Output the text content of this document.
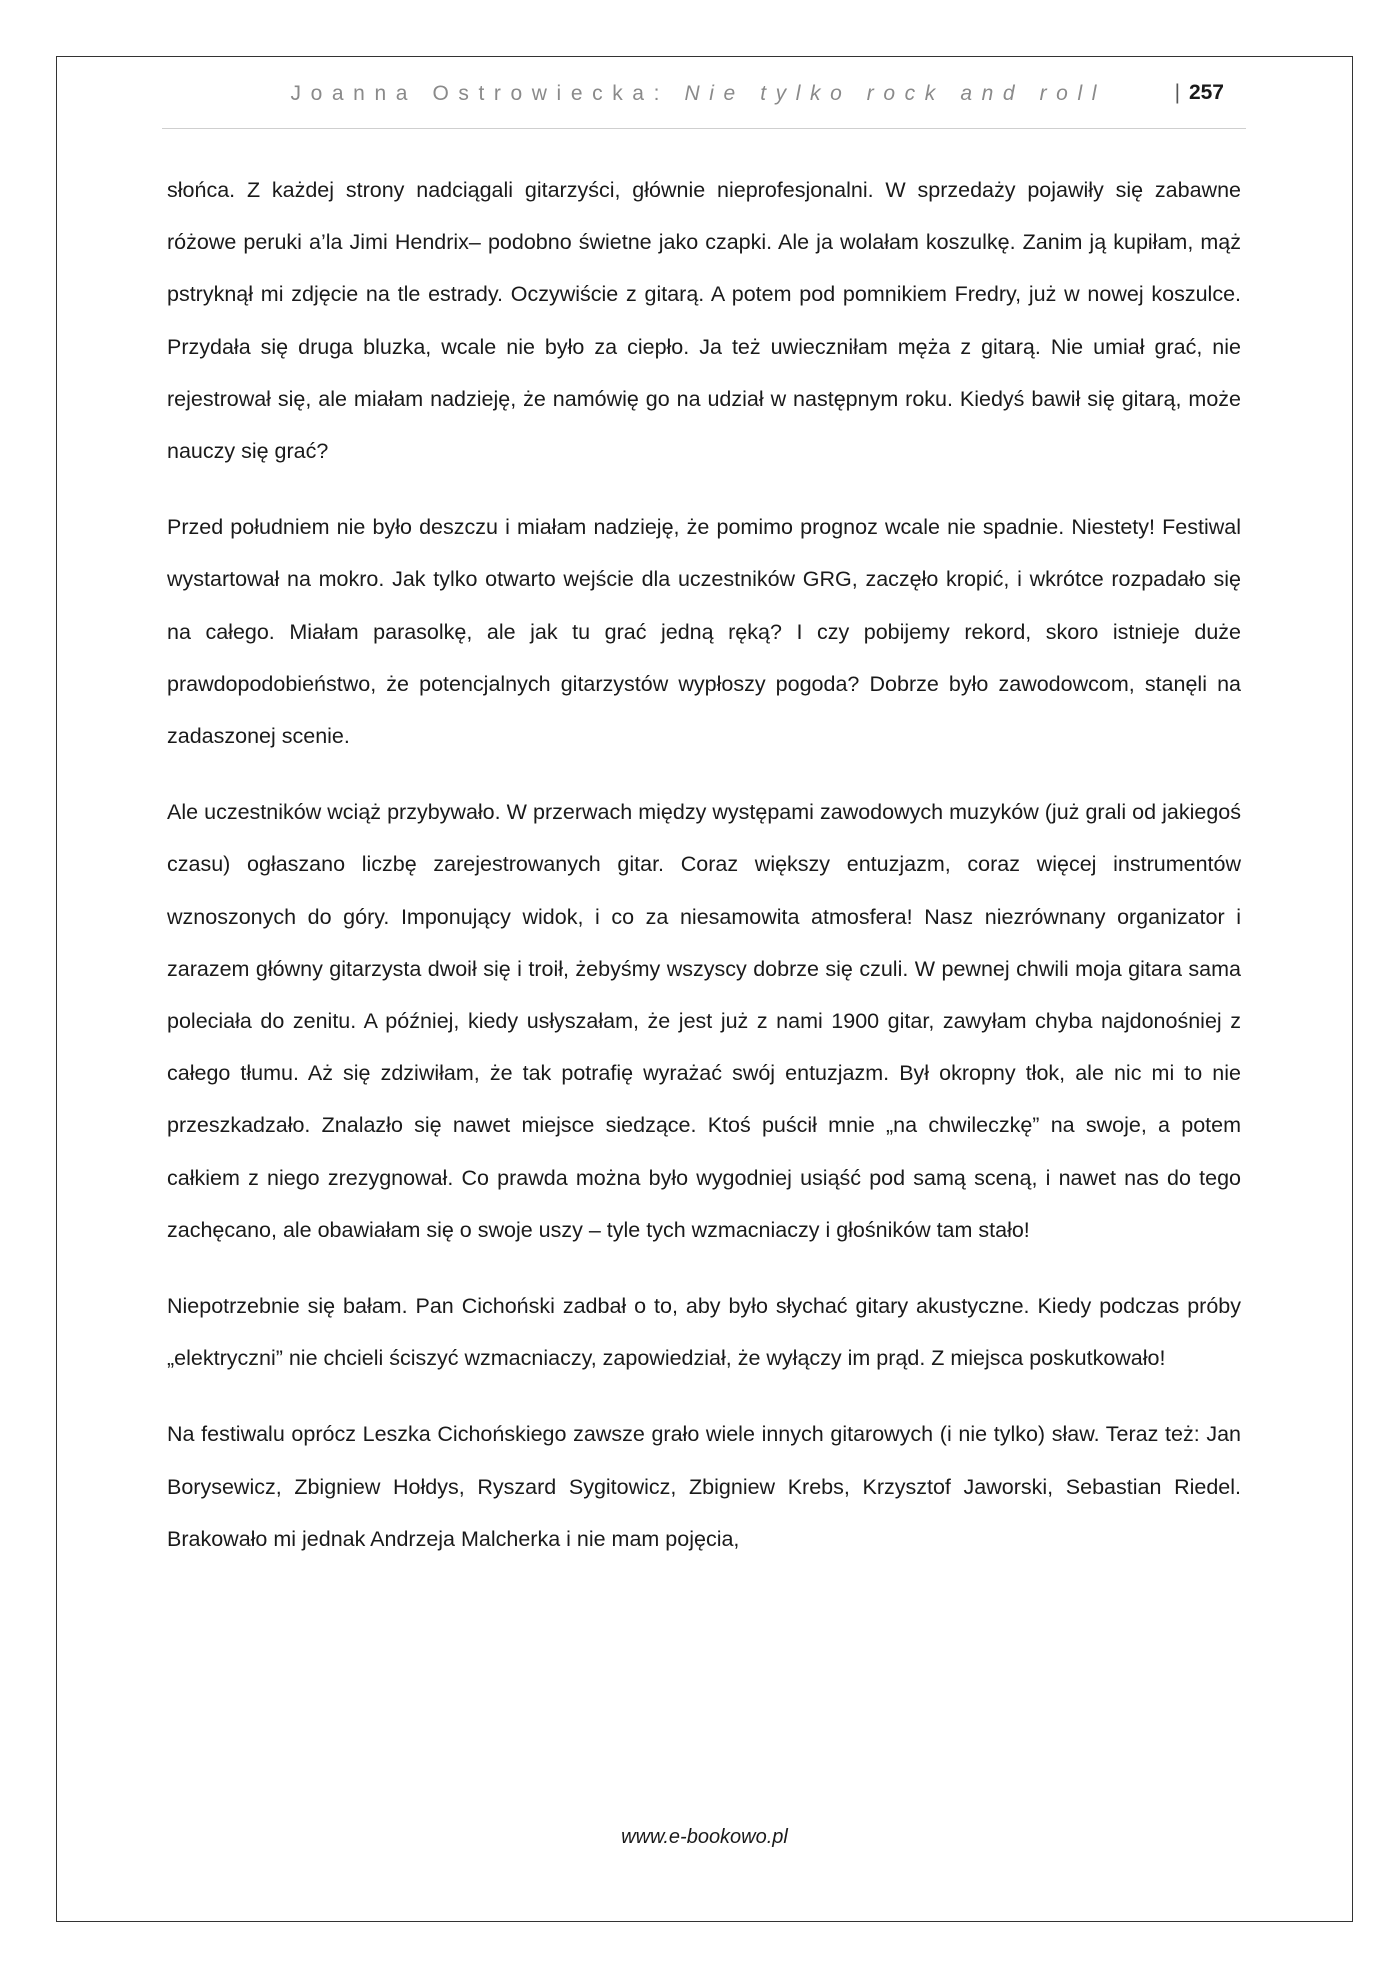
Joanna Ostrowiecka: Nie tylko rock and roll	| 257

słońca. Z każdej strony nadciągali gitarzyści, głównie nieprofesjonalni. W sprzedaży pojawiły się zabawne różowe peruki a’la Jimi Hendrix– podobno świetne jako czapki. Ale ja wolałam koszulkę. Zanim ją kupiłam, mąż pstryknął mi zdjęcie na tle estrady. Oczywiście z gitarą. A potem pod pomnikiem Fredry, już w nowej koszulce. Przydała się druga bluzka, wcale nie było za ciepło. Ja też uwieczniłam męża z gitarą. Nie umiał grać, nie rejestrował się, ale miałam nadzieję, że namówię go na udział w następnym roku. Kiedyś bawił się gitarą, może nauczy się grać?

Przed południem nie było deszczu i miałam nadzieję, że pomimo prognoz wcale nie spadnie. Niestety! Festiwal wystartował na mokro. Jak tylko otwarto wejście dla uczestników GRG, zaczęło kropić, i wkrótce rozpadało się na całego. Miałam parasolkę, ale jak tu grać jedną ręką? I czy pobijemy rekord, skoro istnieje duże prawdopodobieństwo, że potencjalnych gitarzystów wypłoszy pogoda? Dobrze było zawodowcom, stanęli na zadaszonej scenie.

Ale uczestników wciąż przybywało. W przerwach między występami zawodowych muzyków (już grali od jakiegoś czasu) ogłaszano liczbę zarejestrowanych gitar. Coraz większy entuzjazm, coraz więcej instrumentów wznoszonych do góry. Imponujący widok, i co za niesamowita atmosfera! Nasz niezrównany organizator i zarazem główny gitarzysta dwoił się i troił, żebyśmy wszyscy dobrze się czuli. W pewnej chwili moja gitara sama poleciała do zenitu. A później, kiedy usłyszałam, że jest już z nami 1900 gitar, zawyłam chyba najdonośniej z całego tłumu. Aż się zdziwiłam, że tak potrafię wyrażać swój entuzjazm. Był okropny tłok, ale nic mi to nie przeszkadzało. Znalazło się nawet miejsce siedzące. Ktoś puścił mnie „na chwileczkę” na swoje, a potem całkiem z niego zrezygnował. Co prawda można było wygodniej usiąść pod samą sceną, i nawet nas do tego zachęcano, ale obawiałam się o swoje uszy – tyle tych wzmacniaczy i głośników tam stało!

Niepotrzebnie się bałam. Pan Cichoński zadbał o to, aby było słychać gitary akustyczne. Kiedy podczas próby „elektryczni” nie chcieli ściszyć wzmacniaczy, zapowiedział, że wyłączy im prąd. Z miejsca poskutkowało!

Na festiwalu oprócz Leszka Cichońskiego zawsze grało wiele innych gitarowych (i nie tylko) sław. Teraz też: Jan Borysewicz, Zbigniew Hołdys, Ryszard Sygitowicz, Zbigniew Krebs, Krzysztof Jaworski, Sebastian Riedel. Brakowało mi jednak Andrzeja Malcherka i nie mam pojęcia,

www.e-bookowo.pl
